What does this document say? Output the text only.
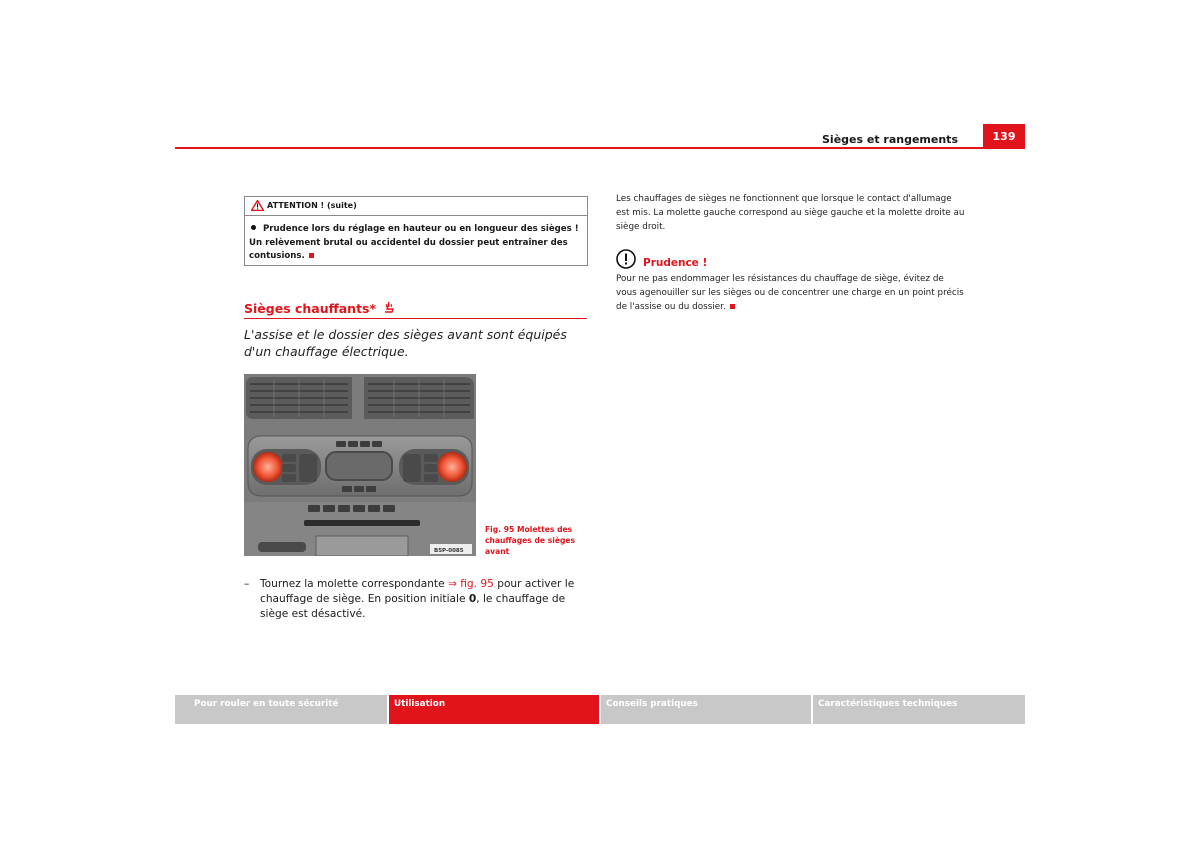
Sièges et rangements	139
ATTENTION ! (suite)
Prudence lors du réglage en hauteur ou en longueur des sièges ! Un relèvement brutal ou accidentel du dossier peut entraîner des contusions.
Sièges chauffants*
L'assise et le dossier des sièges avant sont équipés d'un chauffage électrique.
B5P-0085
Fig. 95 Molettes des chauffages de sièges avant
– Tournez la molette correspondante ⇒ fig. 95 pour activer le chauffage de siège. En position initiale 0, le chauffage de siège est désactivé.
Les chauffages de sièges ne fonctionnent que lorsque le contact d'allumage est mis. La molette gauche correspond au siège gauche et la molette droite au siège droit.
Prudence !
Pour ne pas endommager les résistances du chauffage de siège, évitez de vous agenouiller sur les sièges ou de concentrer une charge en un point précis de l'assise ou du dossier.
Pour rouler en toute sécurité	Utilisation	Conseils pratiques	Caractéristiques techniques
